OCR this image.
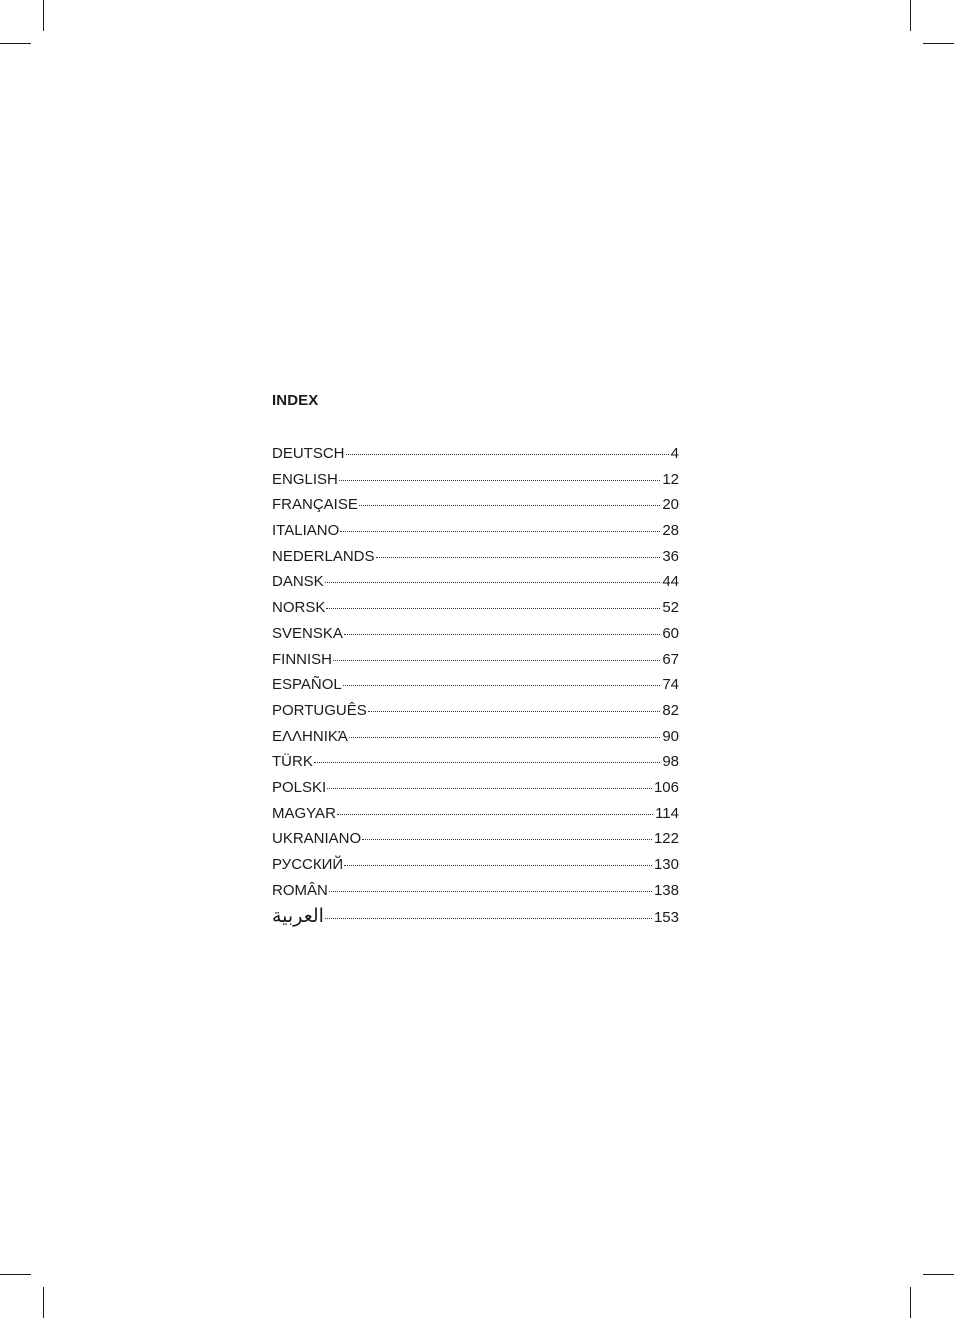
INDEX
DEUTSCH	4
ENGLISH	12
FRANÇAISE	20
ITALIANO	28
NEDERLANDS	36
DANSK	44
NORSK	52
SVENSKA	60
FINNISH	67
ESPAÑOL	74
PORTUGUÊS	82
ΕΛΛΗΝΙΚΆ	90
TÜRK	98
POLSKI	106
MAGYAR	114
UKRANIANO	122
РУССКИЙ	130
ROMÂN	138
العربية	153
